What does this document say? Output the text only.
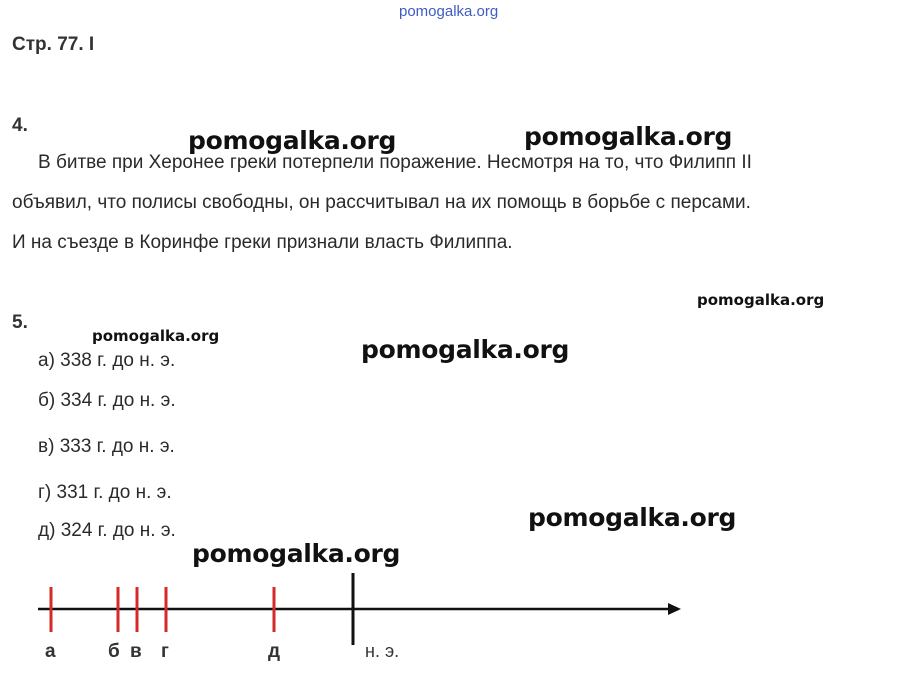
pomogalka.org
Стр. 77. I
4.
В битве при Херонее греки потерпели поражение. Несмотря на то, что Филипп II
объявил, что полисы свободны, он рассчитывал на их помощь в борьбе с персами.
И на съезде в Коринфе греки признали власть Филиппа.
5.
а) 338 г. до н. э.
б) 334 г. до н. э.
в) 333 г. до н. э.
г) 331 г. до н. э.
д) 324 г. до н. э.
а	б в г	д	н. э.
pomogalka.org	pomogalka.org
pomogalka.org
pomogalka.org	pomogalka.org
pomogalka.org
pomogalka.org
